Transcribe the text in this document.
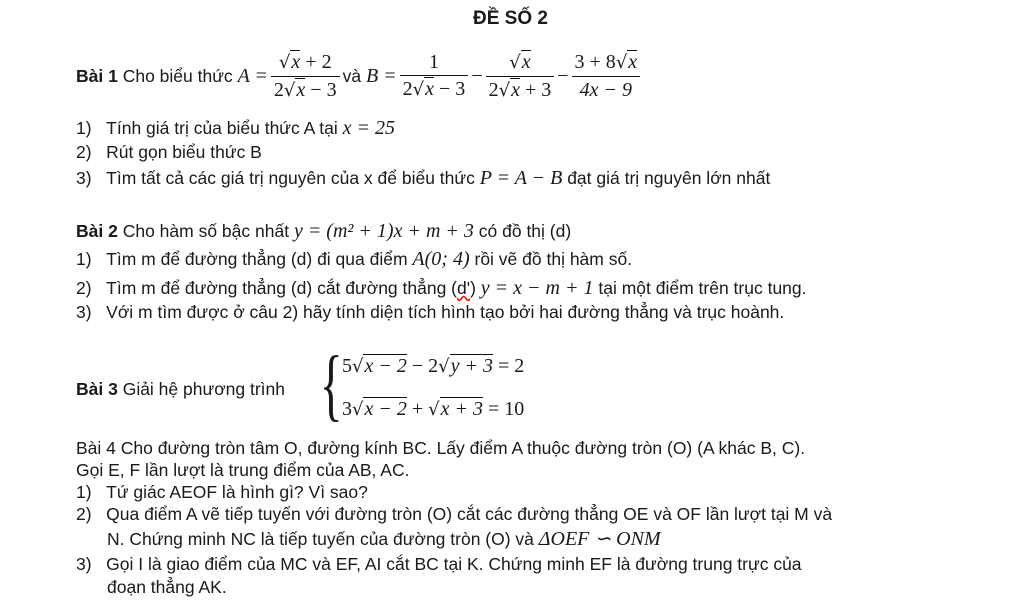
ĐỀ SỐ 2
Bài 1
Cho biểu thức
$A = \frac{√x + 2}{2√x - 3}$ và
$B = \frac{1}{2√x - 3} - \frac{√x}{2√x + 3} - \frac{3 + 8√x}{4x - 9}$
1) Tính giá trị của biểu thức A tại x = 25
2) Rút gọn biểu thức B
3) Tìm tất cả các giá trị nguyên của x để biểu thức P = A − B đạt giá trị nguyên lớn nhất
Bài 2 Cho hàm số bậc nhất y = (m² + 1)x + m + 3 có đồ thị (d)
1) Tìm m để đường thẳng (d) đi qua điểm A(0; 4) rồi vẽ đồ thị hàm số.
2) Tìm m để đường thẳng (d) cắt đường thẳng (d') y = x − m + 1 tại một điểm trên trục tung.
3) Với m tìm được ở câu 2) hãy tính diện tích hình tạo bởi hai đường thẳng và trục hoành.
Bài 3 Giải hệ phương trình { 5√x − 2 − 2√y + 3 = 2
3√x − 2 + √x + 3 = 10
Bài 4 Cho đường tròn tâm O, đường kính BC. Lấy điểm A thuộc đường tròn (O) (A khác B, C).
Gọi E, F lần lượt là trung điểm của AB, AC.
1) Tứ giác AEOF là hình gì? Vì sao?
2) Qua điểm A vẽ tiếp tuyến với đường tròn (O) cắt các đường thẳng OE và OF lần lượt tại M và
N. Chứng minh NC là tiếp tuyến của đường tròn (O) và ΔOEF ∽ ONM
3) Gọi I là giao điểm của MC và EF, AI cắt BC tại K. Chứng minh EF là đường trung trực của
đoạn thẳng AK.
